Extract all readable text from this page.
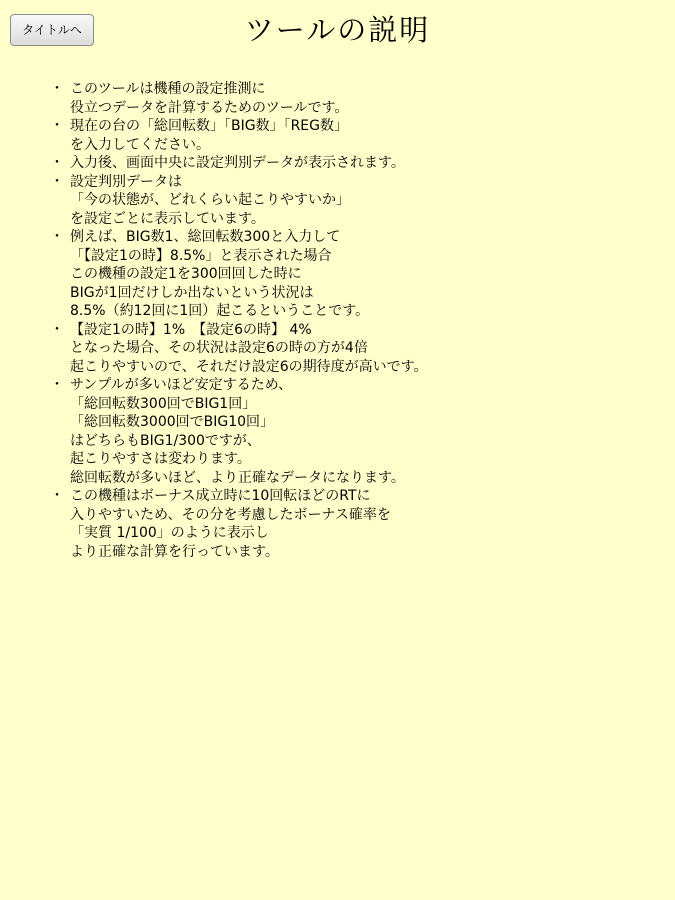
タイトルへ	ツールの説明
・ このツールは機種の設定推測に
役立つデータを計算するためのツールです。
・ 現在の台の「総回転数」「BIG数」「REG数」
を入力してください。
・ 入力後、画面中央に設定判別データが表示されます。
・ 設定判別データは
「今の状態が、どれくらい起こりやすいか」
を設定ごとに表示しています。
・ 例えば、BIG数1、総回転数300と入力して
「【設定1の時】8.5%」と表示された場合
この機種の設定1を300回回した時に
BIGが1回だけしか出ないという状況は
8.5%（約12回に1回）起こるということです。
・ 【設定1の時】1%　【設定6の時】 4%
となった場合、その状況は設定6の時の方が4倍
起こりやすいので、それだけ設定6の期待度が高いです。
・ サンプルが多いほど安定するため、
「総回転数300回でBIG1回」
「総回転数3000回でBIG10回」
はどちらもBIG1/300ですが、
起こりやすさは変わります。
総回転数が多いほど、より正確なデータになります。
・ この機種はボーナス成立時に10回転ほどのRTに
入りやすいため、その分を考慮したボーナス確率を
「実質 1/100」のように表示し
より正確な計算を行っています。
